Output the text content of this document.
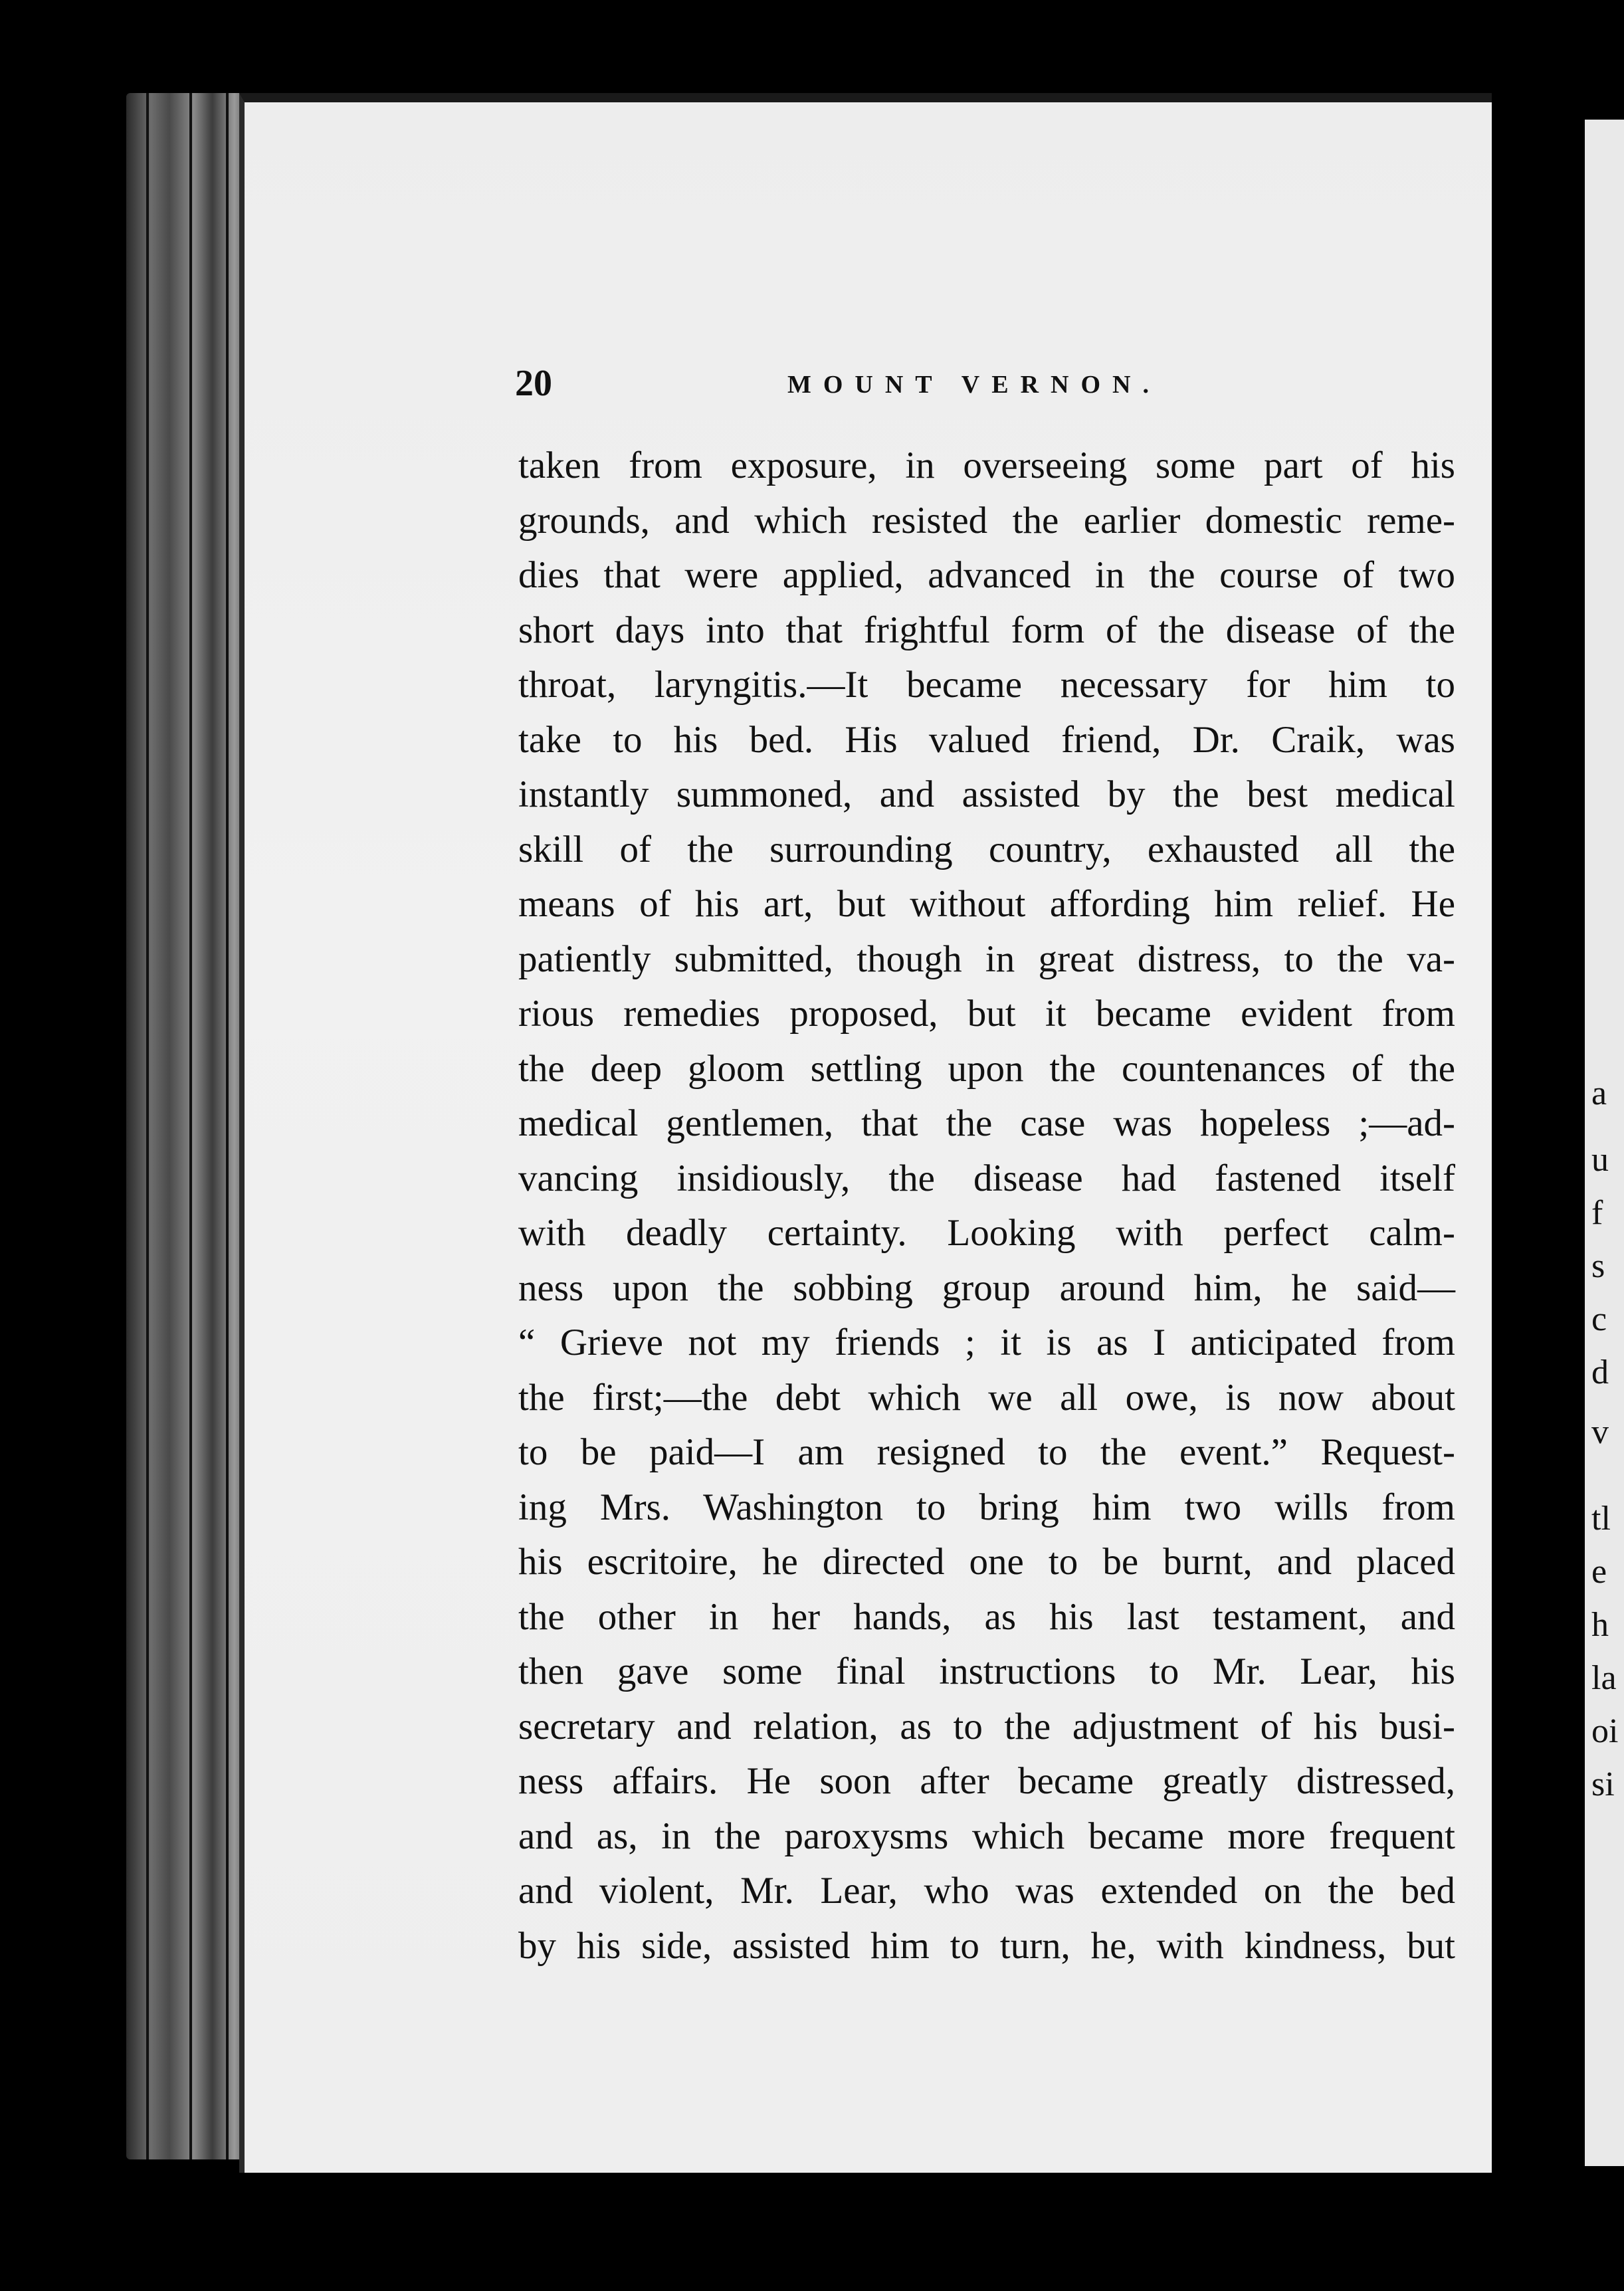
20	MOUNT VERNON.
taken from exposure, in overseeing some part of his
grounds, and which resisted the earlier domestic reme-
dies that were applied, advanced in the course of two
short days into that frightful form of the disease of the
throat, laryngitis.—It became necessary for him to
take to his bed. His valued friend, Dr. Craik, was
instantly summoned, and assisted by the best medical
skill of the surrounding country, exhausted all the
means of his art, but without affording him relief. He
patiently submitted, though in great distress, to the va-
rious remedies proposed, but it became evident from
the deep gloom settling upon the countenances of the
medical gentlemen, that the case was hopeless ;—ad-
vancing insidiously, the disease had fastened itself
with deadly certainty. Looking with perfect calm-
ness upon the sobbing group around him, he said—
“ Grieve not my friends ; it is as I anticipated from
the first;—the debt which we all owe, is now about
to be paid—I am resigned to the event.” Request-
ing Mrs. Washington to bring him two wills from
his escritoire, he directed one to be burnt, and placed
the other in her hands, as his last testament, and
then gave some final instructions to Mr. Lear, his
secretary and relation, as to the adjustment of his busi-
ness affairs. He soon after became greatly distressed,
and as, in the paroxysms which became more frequent
and violent, Mr. Lear, who was extended on the bed
by his side, assisted him to turn, he, with kindness, but
a
u
f
s
c
d
v
tl
e
h
la
oi
si
